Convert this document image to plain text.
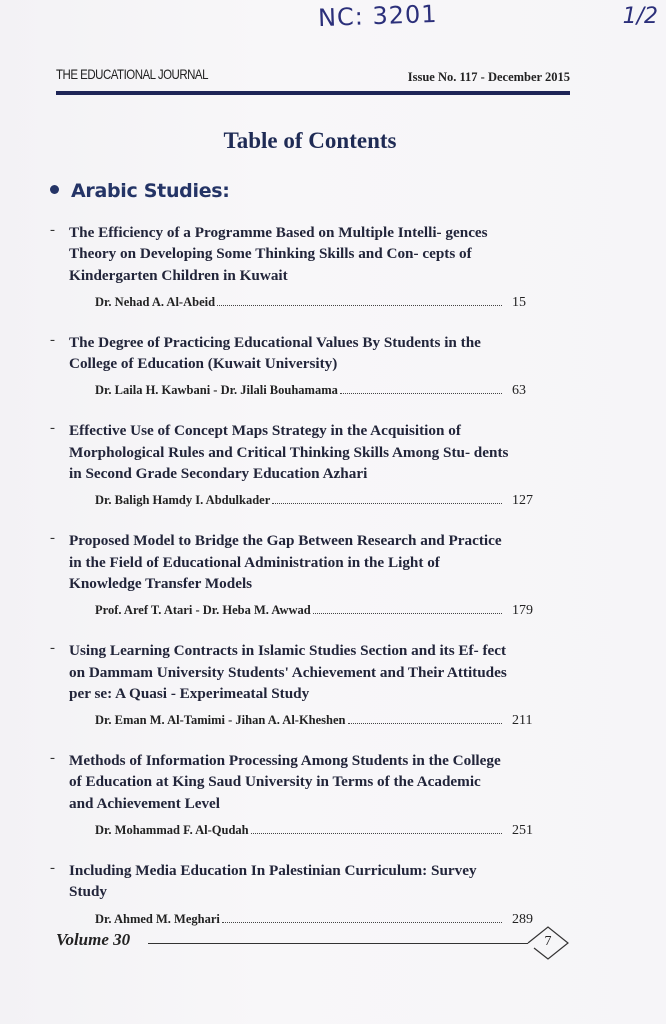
NC: 3201	1/2
THE EDUCATIONAL JOURNAL	Issue No. 117 - December 2015
Table of Contents
Arabic Studies:
- The Efficiency of a Programme Based on Multiple Intelli- gences Theory on Developing Some Thinking Skills and Con- cepts of Kindergarten Children in Kuwait
Dr. Nehad A. Al-Abeid	15
- The Degree of Practicing Educational Values By Students in the College of Education (Kuwait University)
Dr. Laila H. Kawbani - Dr. Jilali Bouhamama	63
- Effective Use of Concept Maps Strategy in the Acquisition of Morphological Rules and Critical Thinking Skills Among Stu- dents in Second Grade Secondary Education Azhari
Dr. Baligh Hamdy I. Abdulkader	127
- Proposed Model to Bridge the Gap Between Research and Practice in the Field of Educational Administration in the Light of Knowledge Transfer Models
Prof. Aref T. Atari - Dr. Heba M. Awwad	179
- Using Learning Contracts in Islamic Studies Section and its Ef- fect on Dammam University Students' Achievement and Their Attitudes per se: A Quasi - Experimeatal Study
Dr. Eman M. Al-Tamimi - Jihan A. Al-Kheshen	211
- Methods of Information Processing Among Students in the College of Education at King Saud University in Terms of the Academic and Achievement Level
Dr. Mohammad F. Al-Qudah	251
- Including Media Education In Palestinian Curriculum: Survey Study
Dr. Ahmed M. Meghari	289
Volume 30	7
